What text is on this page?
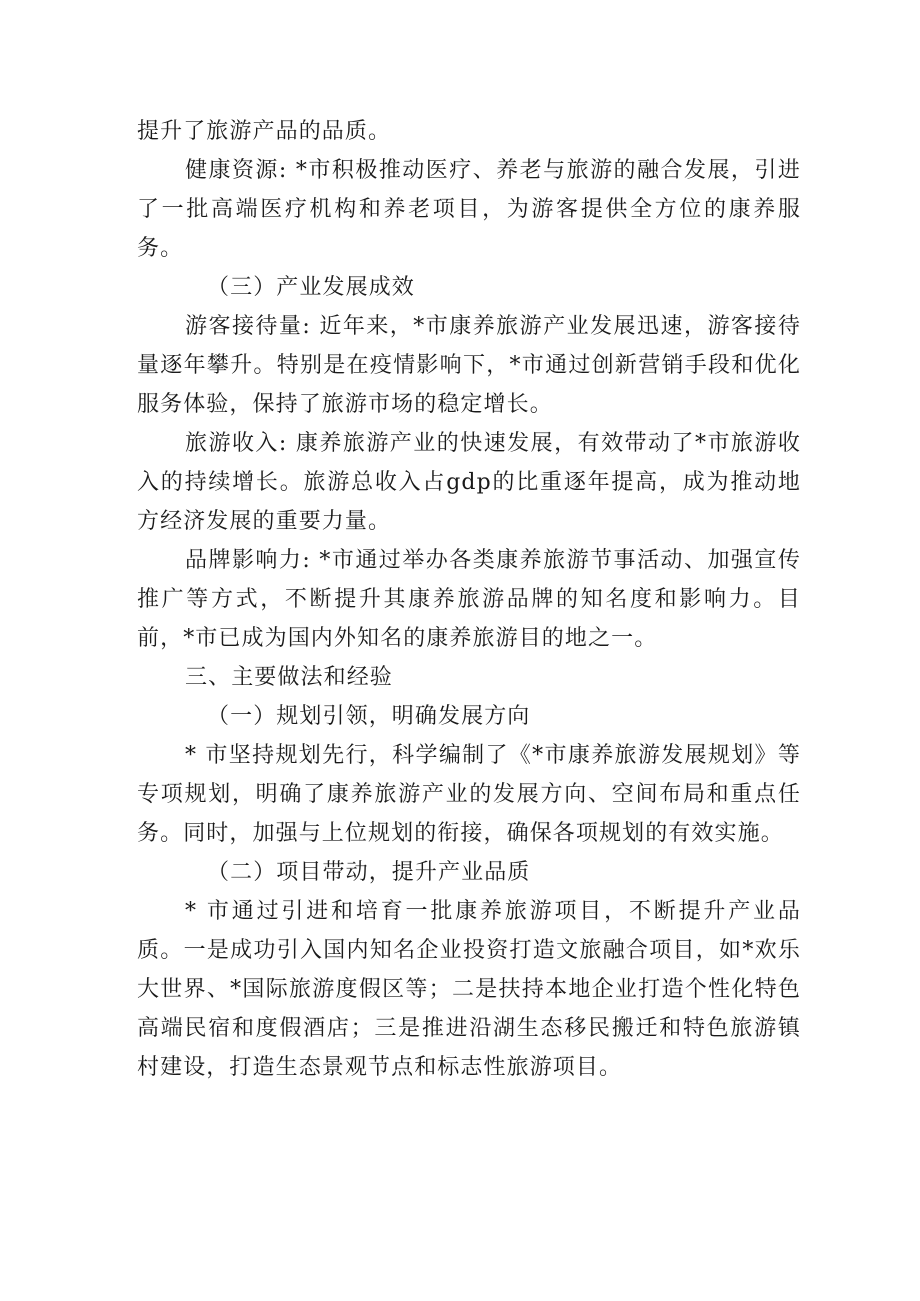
提升了旅游产品的品质。

健康资源: *市积极推动医疗、养老与旅游的融合发展，引进了一批高端医疗机构和养老项目，为游客提供全方位的康养服务。

（三）产业发展成效

游客接待量: 近年来，*市康养旅游产业发展迅速，游客接待量逐年攀升。特别是在疫情影响下，*市通过创新营销手段和优化服务体验，保持了旅游市场的稳定增长。

旅游收入: 康养旅游产业的快速发展，有效带动了*市旅游收入的持续增长。旅游总收入占gdp的比重逐年提高，成为推动地方经济发展的重要力量。

品牌影响力: *市通过举办各类康养旅游节事活动、加强宣传推广等方式，不断提升其康养旅游品牌的知名度和影响力。目前，*市已成为国内外知名的康养旅游目的地之一。

三、主要做法和经验

（一）规划引领，明确发展方向

* 市坚持规划先行，科学编制了《*市康养旅游发展规划》等专项规划，明确了康养旅游产业的发展方向、空间布局和重点任务。同时，加强与上位规划的衔接，确保各项规划的有效实施。

（二）项目带动，提升产业品质

* 市通过引进和培育一批康养旅游项目，不断提升产业品质。一是成功引入国内知名企业投资打造文旅融合项目，如*欢乐大世界、*国际旅游度假区等；二是扶持本地企业打造个性化特色高端民宿和度假酒店；三是推进沿湖生态移民搬迁和特色旅游镇村建设，打造生态景观节点和标志性旅游项目。
